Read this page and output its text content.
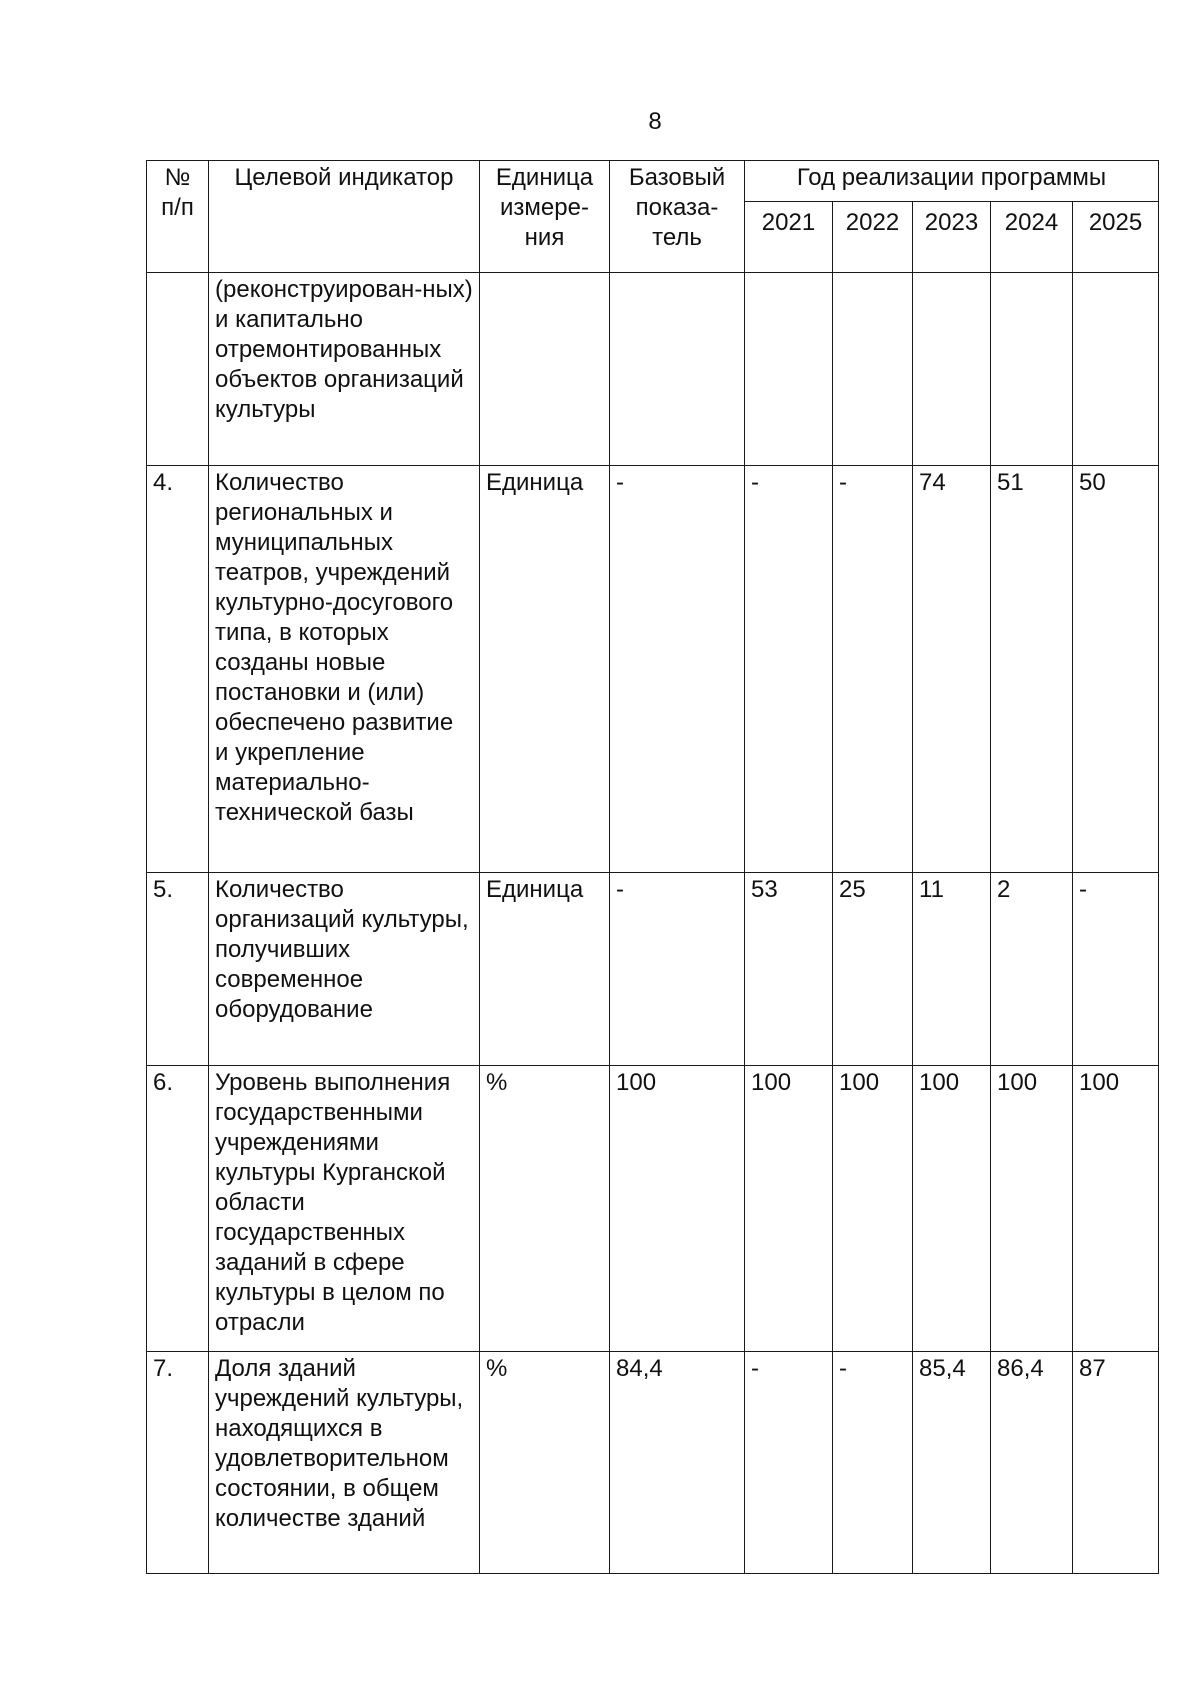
8
№ п/п	Целевой индикатор	Единица измере-ния	Базовый показа-тель	Год реализации программы				
				2021	2022	2023	2024	2025
	(реконструирован-ных) и капитально отремонтированных объектов организаций культуры							
4.	Количество региональных и муниципальных театров, учреждений культурно-досугового типа, в которых созданы новые постановки и (или) обеспечено развитие и укрепление материально-технической базы	Единица	-	-	-	74	51	50
5.	Количество организаций культуры, получивших современное оборудование	Единица	-	53	25	11	2	-
6.	Уровень выполнения государственными учреждениями культуры Курганской области государственных заданий в сфере культуры в целом по отрасли	%	100	100	100	100	100	100
7.	Доля зданий учреждений культуры, находящихся в удовлетворительном состоянии, в общем количестве зданий	%	84,4	-	-	85,4	86,4	87
